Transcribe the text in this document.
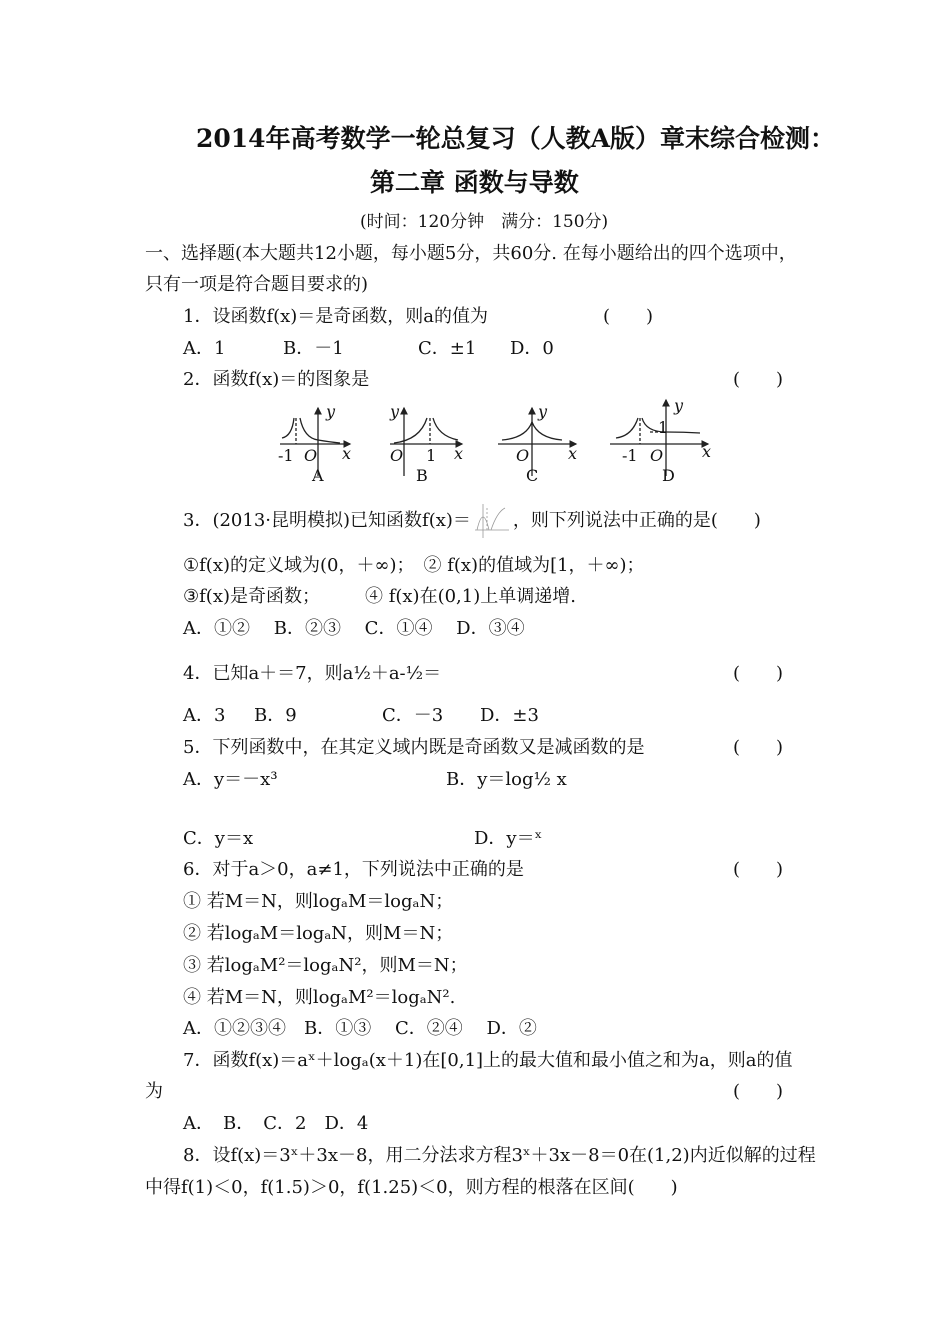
2014年高考数学一轮总复习（人教A版）章末综合检测：
第二章 函数与导数
(时间：120分钟　满分：150分)
一、选择题(本大题共12小题，每小题5分，共60分. 在每小题给出的四个选项中，
只有一项是符合题目要求的)
1．设函数f(x)＝是奇函数，则a的值为	(　　)
A．1	B．－1	C．±1 D．0
2．函数f(x)＝的图象是	(　　)
-1 O x
y
A
O 1 x
y
B
O x
y
C
-1 O
1
x
y
D
3．(2013·昆明模拟)已知函数f(x)＝ ，则下列说法中正确的是(　　)
①f(x)的定义域为(0，＋∞)；　② f(x)的值域为[1，＋∞)；
③f(x)是奇函数；　　　④ f(x)在(0,1)上单调递增.
A．①②　 B．②③　 C．①④　 D．③④
4．已知a＋＝7，则a½＋a-½＝	(　　)
A．3 B．9	C．－3 D．±3
5．下列函数中，在其定义域内既是奇函数又是减函数的是	(　　)
A．y＝－x³	B．y＝log½ x
C．y＝x	D．y＝ˣ
6．对于a＞0，a≠1，下列说法中正确的是	(　　)
① 若M＝N，则logₐM＝logₐN；
② 若logₐM＝logₐN，则M＝N；
③ 若logₐM²＝logₐN²，则M＝N；
④ 若M＝N，则logₐM²＝logₐN².
A．①②③④　B．①③　 C．②④　 D．②
7．函数f(x)＝aˣ＋logₐ(x＋1)在[0,1]上的最大值和最小值之和为a，则a的值
为	(　　)
A．　B．　C．2　D．4
8．设f(x)＝3ˣ＋3x－8，用二分法求方程3ˣ＋3x－8＝0在(1,2)内近似解的过程
中得f(1)＜0，f(1.5)＞0，f(1.25)＜0，则方程的根落在区间(　　)
